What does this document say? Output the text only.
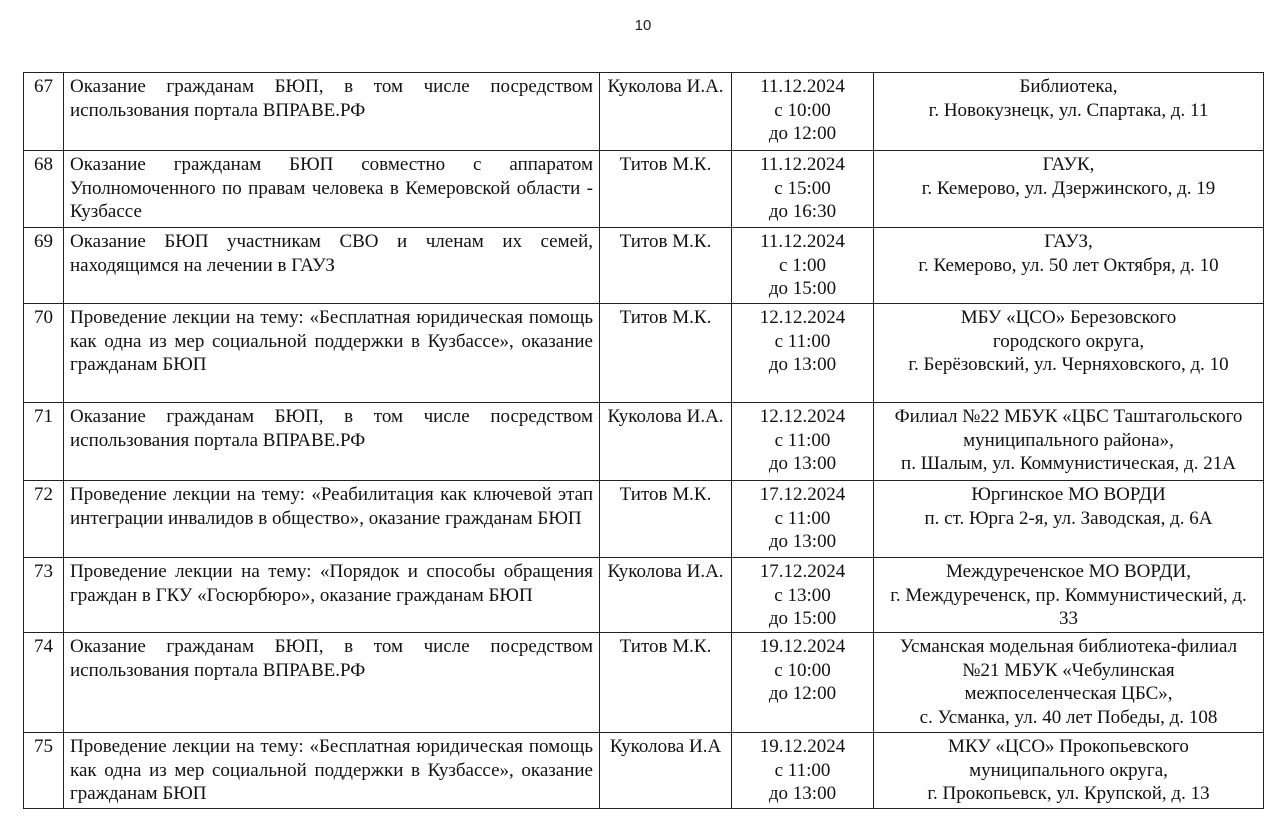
10
67	Оказание гражданам БЮП, в том числе посредством использования портала ВПРАВЕ.РФ	Куколова И.А.	11.12.2024
с 10:00
до 12:00	Библиотека,
г. Новокузнецк, ул. Спартака, д. 11

68	Оказание гражданам БЮП совместно с аппаратом Уполномоченного по правам человека в Кемеровской области - Кузбассе	Титов М.К.	11.12.2024
с 15:00
до 16:30	ГАУК,
г. Кемерово, ул. Дзержинского, д. 19

69	Оказание БЮП участникам СВО и членам их семей, находящимся на лечении в ГАУЗ	Титов М.К.	11.12.2024
с 1:00
до 15:00	ГАУЗ,
г. Кемерово, ул. 50 лет Октября, д. 10

70	Проведение лекции на тему: «Бесплатная юридическая помощь как одна из мер социальной поддержки в Кузбассе», оказание гражданам БЮП	Титов М.К.	12.12.2024
с 11:00
до 13:00	МБУ «ЦСО» Березовского
городского округа,
г. Берёзовский, ул. Черняховского, д. 10

71	Оказание гражданам БЮП, в том числе посредством использования портала ВПРАВЕ.РФ	Куколова И.А.	12.12.2024
с 11:00
до 13:00	Филиал №22 МБУК «ЦБС Таштагольского
муниципального района»,
п. Шалым, ул. Коммунистическая, д. 21А

72	Проведение лекции на тему: «Реабилитация как ключевой этап интеграции инвалидов в общество», оказание гражданам БЮП	Титов М.К.	17.12.2024
с 11:00
до 13:00	Юргинское МО ВОРДИ
п. ст. Юрга 2-я, ул. Заводская, д. 6А

73	Проведение лекции на тему: «Порядок и способы обращения граждан в ГКУ «Госюрбюро», оказание гражданам БЮП	Куколова И.А.	17.12.2024
с 13:00
до 15:00	Междуреченское МО ВОРДИ,
г. Междуреченск, пр. Коммунистический, д. 33

74	Оказание гражданам БЮП, в том числе посредством использования портала ВПРАВЕ.РФ	Титов М.К.	19.12.2024
с 10:00
до 12:00	Усманская модельная библиотека-филиал
№21 МБУК «Чебулинская
межпоселенческая ЦБС»,
с. Усманка, ул. 40 лет Победы, д. 108

75	Проведение лекции на тему: «Бесплатная юридическая помощь как одна из мер социальной поддержки в Кузбассе», оказание гражданам БЮП	Куколова И.А	19.12.2024
с 11:00
до 13:00	МКУ «ЦСО» Прокопьевского
муниципального округа,
г. Прокопьевск, ул. Крупской, д. 13
